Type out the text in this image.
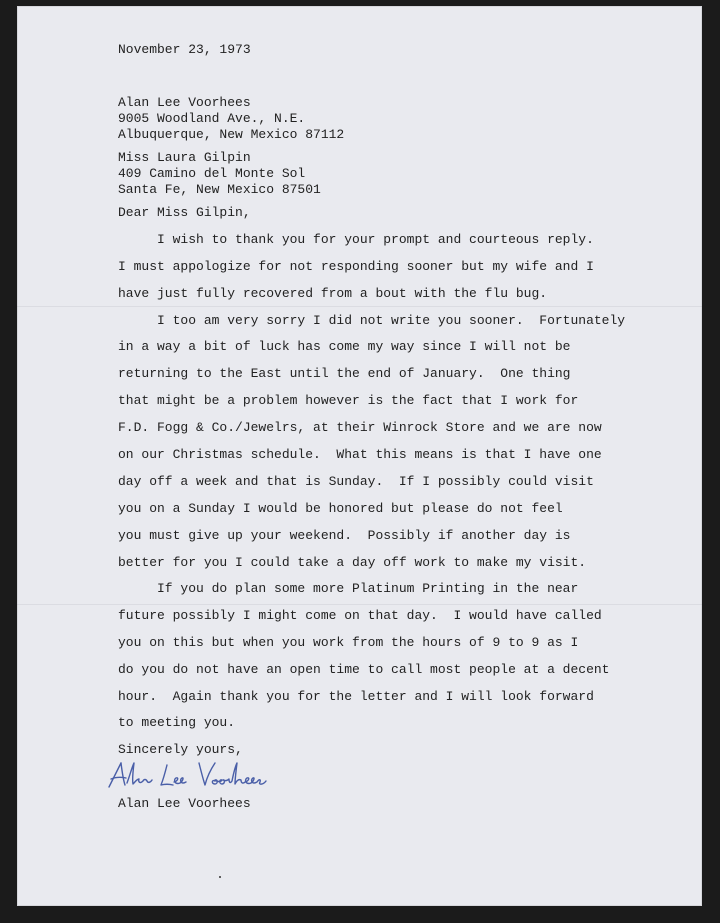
November 23, 1973
Alan Lee Voorhees
9005 Woodland Ave., N.E.
Albuquerque, New Mexico 87112
Miss Laura Gilpin
409 Camino del Monte Sol
Santa Fe, New Mexico 87501
Dear Miss Gilpin,
I wish to thank you for your prompt and courteous reply.
I must appologize for not responding sooner but my wife and I
have just fully recovered from a bout with the flu bug.
I too am very sorry I did not write you sooner.  Fortunately
in a way a bit of luck has come my way since I will not be
returning to the East until the end of January.  One thing
that might be a problem however is the fact that I work for
F.D. Fogg & Co./Jewelrs, at their Winrock Store and we are now
on our Christmas schedule.  What this means is that I have one
day off a week and that is Sunday.  If I possibly could visit
you on a Sunday I would be honored but please do not feel
you must give up your weekend.  Possibly if another day is
better for you I could take a day off work to make my visit.
If you do plan some more Platinum Printing in the near
future possibly I might come on that day.  I would have called
you on this but when you work from the hours of 9 to 9 as I
do you do not have an open time to call most people at a decent
hour.  Again thank you for the letter and I will look forward
to meeting you.
Sincerely yours,
Alan Lee Voorhees
Alan Lee Voorhees
